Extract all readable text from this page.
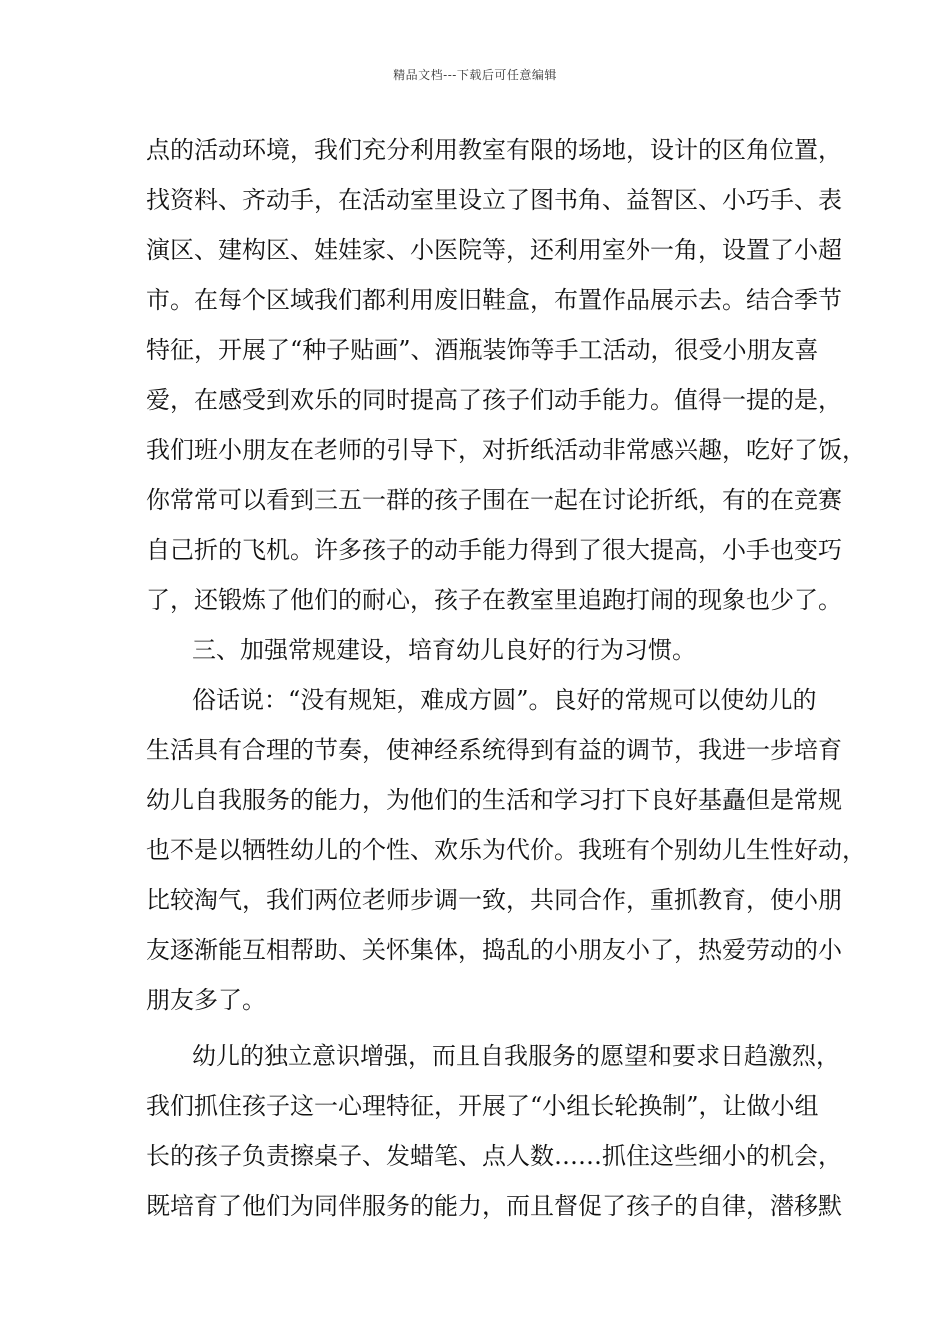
精品文档---下载后可任意编辑
点的活动环境，我们充分利用教室有限的场地，设计的区角位置，
找资料、齐动手，在活动室里设立了图书角、益智区、小巧手、表
演区、建构区、娃娃家、小医院等，还利用室外一角，设置了小超
市。在每个区域我们都利用废旧鞋盒，布置作品展示去。结合季节
特征，开展了“种子贴画”、酒瓶装饰等手工活动，很受小朋友喜
爱，在感受到欢乐的同时提高了孩子们动手能力。值得一提的是，
我们班小朋友在老师的引导下，对折纸活动非常感兴趣，吃好了饭，
你常常可以看到三五一群的孩子围在一起在讨论折纸，有的在竞赛
自己折的飞机。许多孩子的动手能力得到了很大提高，小手也变巧
了，还锻炼了他们的耐心，孩子在教室里追跑打闹的现象也少了。
三、加强常规建设，培育幼儿良好的行为习惯。
俗话说：“没有规矩，难成方圆”。良好的常规可以使幼儿的
生活具有合理的节奏，使神经系统得到有益的调节，我进一步培育
幼儿自我服务的能力，为他们的生活和学习打下良好基矗但是常规
也不是以牺牲幼儿的个性、欢乐为代价。我班有个别幼儿生性好动，
比较淘气，我们两位老师步调一致，共同合作，重抓教育，使小朋
友逐渐能互相帮助、关怀集体，捣乱的小朋友小了，热爱劳动的小
朋友多了。
幼儿的独立意识增强，而且自我服务的愿望和要求日趋激烈，
我们抓住孩子这一心理特征，开展了“小组长轮换制”，让做小组
长的孩子负责擦桌子、发蜡笔、点人数……抓住这些细小的机会，
既培育了他们为同伴服务的能力，而且督促了孩子的自律，潜移默
